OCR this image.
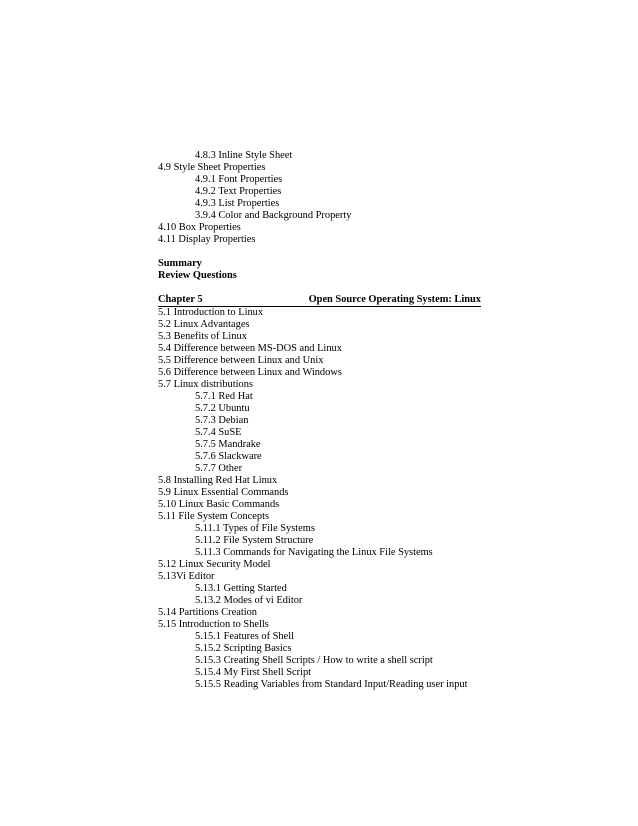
4.8.3 Inline Style Sheet
4.9 Style Sheet Properties
4.9.1 Font Properties
4.9.2 Text Properties
4.9.3 List Properties
3.9.4 Color and Background Property
4.10 Box Properties
4.11 Display Properties
Summary
Review Questions
Chapter 5	Open Source Operating System: Linux
5.1 Introduction to Linux
5.2 Linux Advantages
5.3 Benefits of Linux
5.4 Difference between MS-DOS and Linux
5.5 Difference between Linux and Unix
5.6 Difference between Linux and Windows
5.7 Linux distributions
5.7.1 Red Hat
5.7.2 Ubuntu
5.7.3 Debian
5.7.4 SuSE
5.7.5 Mandrake
5.7.6 Slackware
5.7.7 Other
5.8 Installing Red Hat Linux
5.9 Linux Essential Commands
5.10 Linux Basic Commands
5.11 File System Concepts
5.11.1 Types of File Systems
5.11.2 File System Structure
5.11.3 Commands for Navigating the Linux File Systems
5.12 Linux Security Model
5.13Vi Editor
5.13.1 Getting Started
5.13.2 Modes of vi Editor
5.14 Partitions Creation
5.15 Introduction to Shells
5.15.1 Features of Shell
5.15.2 Scripting Basics
5.15.3 Creating Shell Scripts / How to write a shell script
5.15.4 My First Shell Script
5.15.5 Reading Variables from Standard Input/Reading user input
